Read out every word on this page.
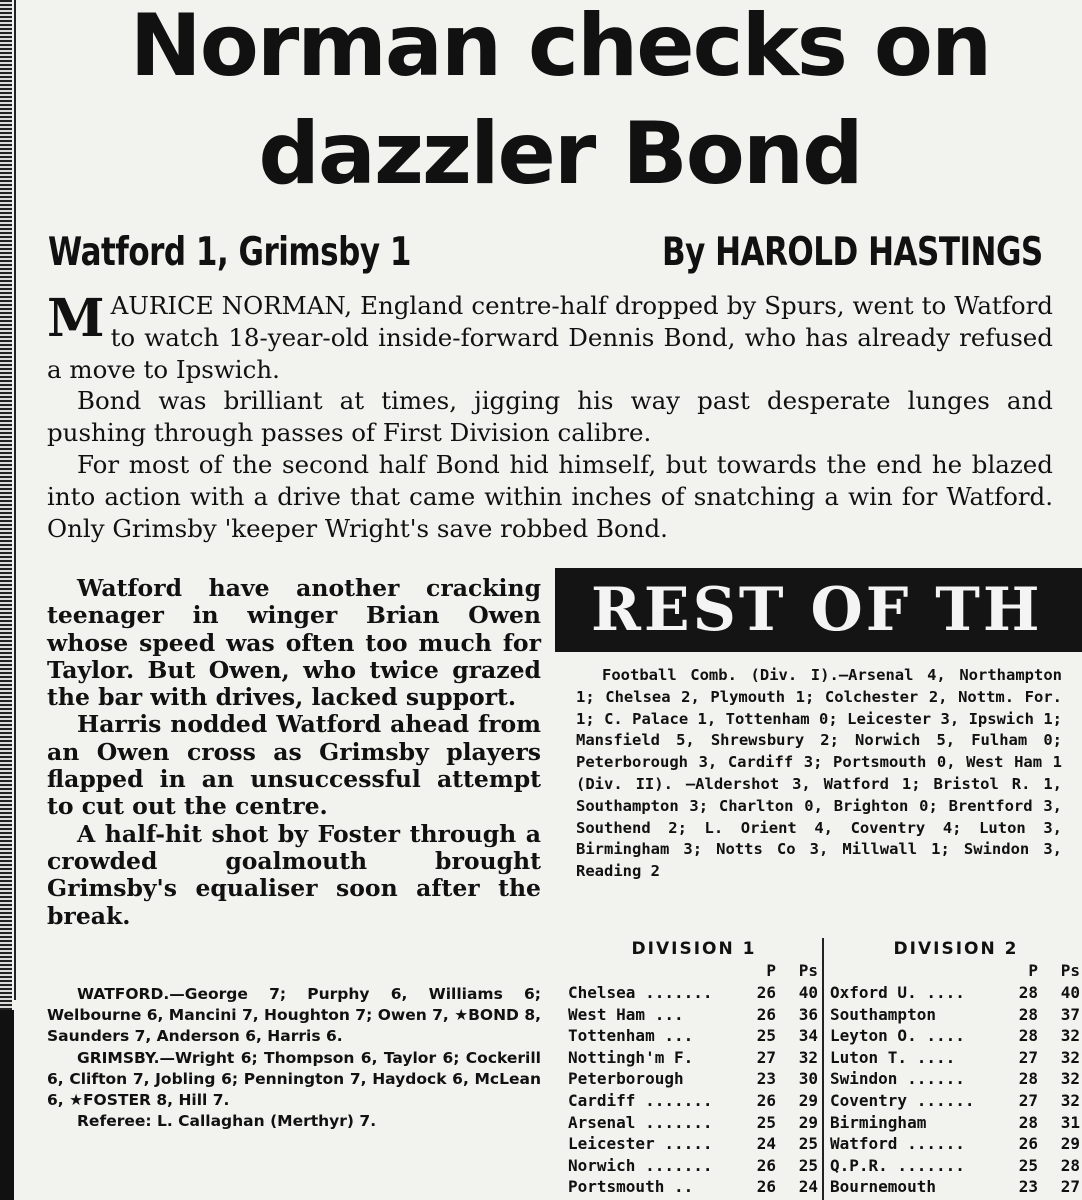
Norman checks on
dazzler Bond
Watford 1, Grimsby 1	By HAROLD HASTINGS

MAURICE NORMAN, England centre-half dropped by Spurs, went to Watford to watch 18-year-old inside-forward Dennis Bond, who has already refused a move to Ipswich.

Bond was brilliant at times, jigging his way past desperate lunges and pushing through passes of First Division calibre.

For most of the second half Bond hid himself, but towards the end he blazed into action with a drive that came within inches of snatching a win for Watford. Only Grimsby 'keeper Wright's save robbed Bond.

Watford have another cracking teenager in winger Brian Owen whose speed was often too much for Taylor. But Owen, who twice grazed the bar with drives, lacked support.

Harris nodded Watford ahead from an Owen cross as Grimsby players flapped in an unsuccessful attempt to cut out the centre.

A half-hit shot by Foster through a crowded goalmouth brought Grimsby's equaliser soon after the break.

WATFORD.—George 7; Purphy 6, Williams 6; Welbourne 6, Mancini 7, Houghton 7; Owen 7, ★BOND 8, Saunders 7, Anderson 6, Harris 6.

GRIMSBY.—Wright 6; Thompson 6, Taylor 6; Cockerill 6, Clifton 7, Jobling 6; Pennington 7, Haydock 6, McLean 6, ★FOSTER 8, Hill 7.

Referee: L. Callaghan (Merthyr) 7.

REST OF TH
Football Comb. (Div. I).—Arsenal 4, Northampton 1; Chelsea 2, Plymouth 1; Colchester 2, Nottm. For. 1; C. Palace 1, Tottenham 0; Leicester 3, Ipswich 1; Mansfield 5, Shrewsbury 2; Norwich 5, Fulham 0; Peterborough 3, Cardiff 3; Portsmouth 0, West Ham 1 (Div. II). —Aldershot 3, Watford 1; Bristol R. 1, Southampton 3; Charlton 0, Brighton 0; Brentford 3, Southend 2; L. Orient 4, Coventry 4; Luton 3, Birmingham 3; Notts Co 3, Millwall 1; Swindon 3, Reading 2
DIVISION 1
P	Ps
Chelsea .......	26	40
West Ham ...	26	36
Tottenham ...	25	34
Nottingh'm F.	27	32
Peterborough	23	30
Cardiff .......	26	29
Arsenal .......	25	29
Leicester .....	24	25
Norwich .......	26	25
Portsmouth ..	26	24
DIVISION 2
P	Ps
Oxford U. ....	28	40
Southampton	28	37
Leyton O. ....	28	32
Luton T. ....	27	32
Swindon ......	28	32
Coventry ......	27	32
Birmingham	28	31
Watford ......	26	29
Q.P.R. .......	25	28
Bournemouth	23	27
